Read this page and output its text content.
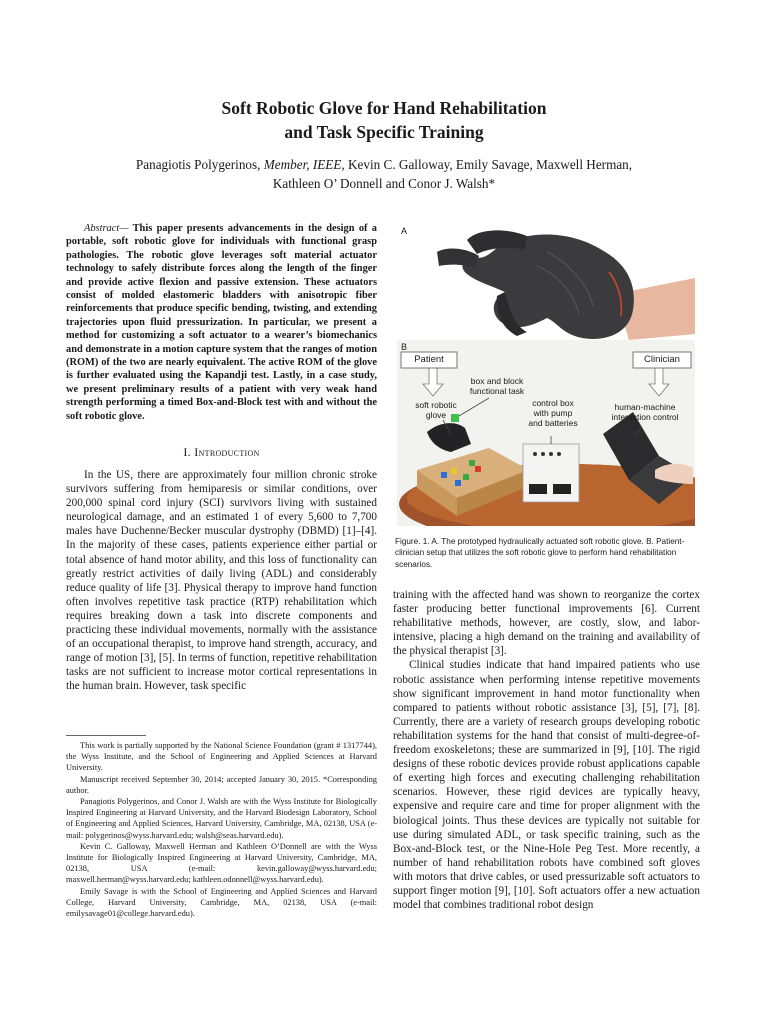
Soft Robotic Glove for Hand Rehabilitation
and Task Specific Training
Panagiotis Polygerinos, Member, IEEE, Kevin C. Galloway, Emily Savage, Maxwell Herman,
Kathleen O’ Donnell and Conor J. Walsh*
Abstract— This paper presents advancements in the design of a portable, soft robotic glove for individuals with functional grasp pathologies. The robotic glove leverages soft material actuator technology to safely distribute forces along the length of the finger and provide active flexion and passive extension. These actuators consist of molded elastomeric bladders with anisotropic fiber reinforcements that produce specific bending, twisting, and extending trajectories upon fluid pressurization. In particular, we present a method for customizing a soft actuator to a wearer’s biomechanics and demonstrate in a motion capture system that the ranges of motion (ROM) of the two are nearly equivalent. The active ROM of the glove is further evaluated using the Kapandji test. Lastly, in a case study, we present preliminary results of a patient with very weak hand strength performing a timed Box-and-Block test with and without the soft robotic glove.
I. Introduction

In the US, there are approximately four million chronic stroke survivors suffering from hemiparesis or similar conditions, over 200,000 spinal cord injury (SCI) survivors living with sustained neurological damage, and an estimated 1 of every 5,600 to 7,700 males have Duchenne/Becker muscular dystrophy (DBMD) [1]–[4]. In the majority of these cases, patients experience either partial or total absence of hand motor ability, and this loss of functionality can greatly restrict activities of daily living (ADL) and considerably reduce quality of life [3]. Physical therapy to improve hand function often involves repetitive task practice (RTP) rehabilitation which requires breaking down a task into discrete components and practicing these individual movements, normally with the assistance of an occupational therapist, to improve hand strength, accuracy, and range of motion [3], [5]. In terms of function, repetitive rehabilitation tasks are not sufficient to increase motor cortical representations in the human brain. However, task specific

This work is partially supported by the National Science Foundation (grant # 1317744), the Wyss Institute, and the School of Engineering and Applied Sciences at Harvard University.

Manuscript received September 30, 2014; accepted January 30, 2015. *Corresponding author.

Panagiotis Polygerinos, and Conor J. Walsh are with the Wyss Institute for Biologically Inspired Engineering at Harvard University, and the Harvard Biodesign Laboratory, School of Engineering and Applied Sciences, Harvard University, Cambridge, MA, 02138, USA (e-mail: polygerinos@wyss.harvard.edu; walsh@seas.harvard.edu).

Kevin C. Galloway, Maxwell Herman and Kathleen O’Donnell are with the Wyss Institute for Biologically Inspired Engineering at Harvard University, Cambridge, MA, 02138, USA (e-mail: kevin.galloway@wyss.harvard.edu; maxwell.herman@wyss.harvard.edu; kathleen.odonnell@wyss.harvard.edu).

Emily Savage is with the School of Engineering and Applied Sciences and Harvard College, Harvard University, Cambridge, MA, 02138, USA (e-mail: emilysavage01@college.harvard.edu).

A
B
Patient	Clinician
box and block
functional task
soft robotic
glove
control box
with pump
and batteries
human-machine
interaction control
Figure. 1. A. The prototyped hydraulically actuated soft robotic glove. B. Patient-clinician setup that utilizes the soft robotic glove to perform hand rehabilitation scenarios.

training with the affected hand was shown to reorganize the cortex faster producing better functional improvements [6]. Current rehabilitative methods, however, are costly, slow, and labor-intensive, placing a high demand on the training and availability of the physical therapist [3].

Clinical studies indicate that hand impaired patients who use robotic assistance when performing intense repetitive movements show significant improvement in hand motor functionality when compared to patients without robotic assistance [3], [5], [7], [8]. Currently, there are a variety of research groups developing robotic rehabilitation systems for the hand that consist of multi-degree-of-freedom exoskeletons; these are summarized in [9], [10]. The rigid designs of these robotic devices provide robust applications capable of exerting high forces and executing challenging rehabilitation scenarios. However, these rigid devices are typically heavy, expensive and require care and time for proper alignment with the biological joints. Thus these devices are typically not suitable for use during simulated ADL, or task specific training, such as the Box-and-Block test, or the Nine-Hole Peg Test. More recently, a number of hand rehabilitation robots have combined soft gloves with motors that drive cables, or used pressurizable soft actuators to support finger motion [9], [10]. Soft actuators offer a new actuation model that combines traditional robot design
